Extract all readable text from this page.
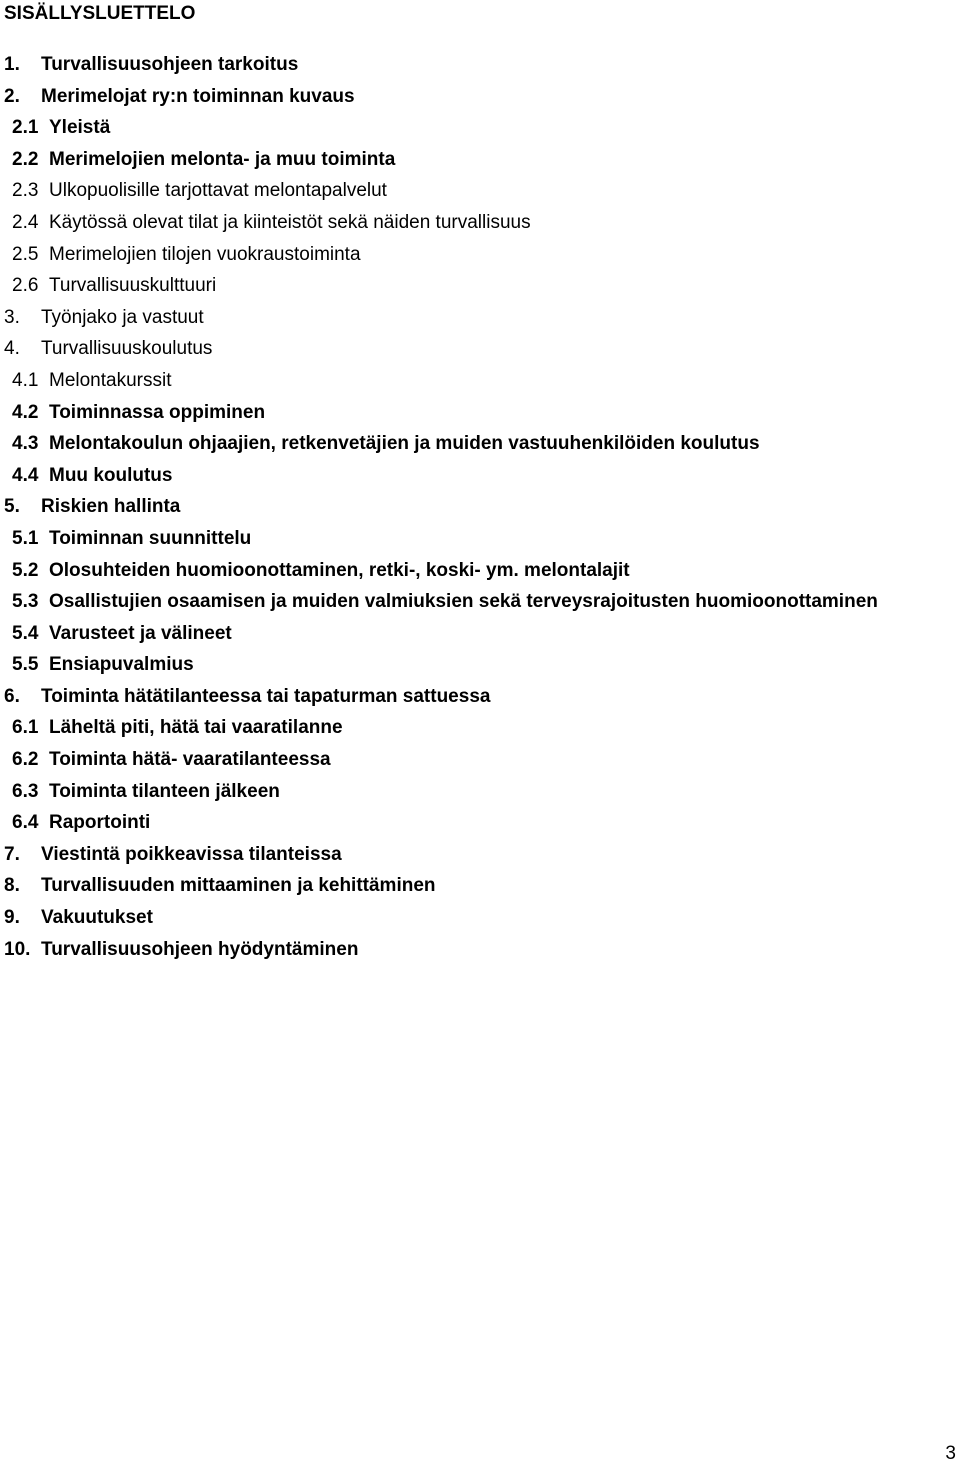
SISÄLLYSLUETTELO
1.	Turvallisuusohjeen tarkoitus
2.	Merimelojat ry:n toiminnan kuvaus
2.1 Yleistä
2.2 Merimelojien melonta- ja muu toiminta
2.3 Ulkopuolisille tarjottavat melontapalvelut
2.4 Käytössä olevat tilat ja kiinteistöt sekä näiden turvallisuus
2.5 Merimelojien tilojen vuokraustoiminta
2.6 Turvallisuuskulttuuri
3.	Työnjako ja vastuut
4.	Turvallisuuskoulutus
4.1 Melontakurssit
4.2 Toiminnassa oppiminen
4.3 Melontakoulun ohjaajien, retkenvetäjien ja muiden vastuuhenkilöiden koulutus
4.4 Muu koulutus
5.	Riskien hallinta
5.1 Toiminnan suunnittelu
5.2 Olosuhteiden huomioonottaminen, retki-, koski- ym. melontalajit
5.3 Osallistujien osaamisen ja muiden valmiuksien sekä terveysrajoitusten huomioonottaminen
5.4 Varusteet ja välineet
5.5 Ensiapuvalmius
6.	Toiminta hätätilanteessa tai tapaturman sattuessa
6.1 Läheltä piti, hätä tai vaaratilanne
6.2 Toiminta hätä- vaaratilanteessa
6.3 Toiminta tilanteen jälkeen
6.4 Raportointi
7.	Viestintä poikkeavissa tilanteissa
8.	Turvallisuuden mittaaminen ja kehittäminen
9.	Vakuutukset
10. Turvallisuusohjeen hyödyntäminen
3
